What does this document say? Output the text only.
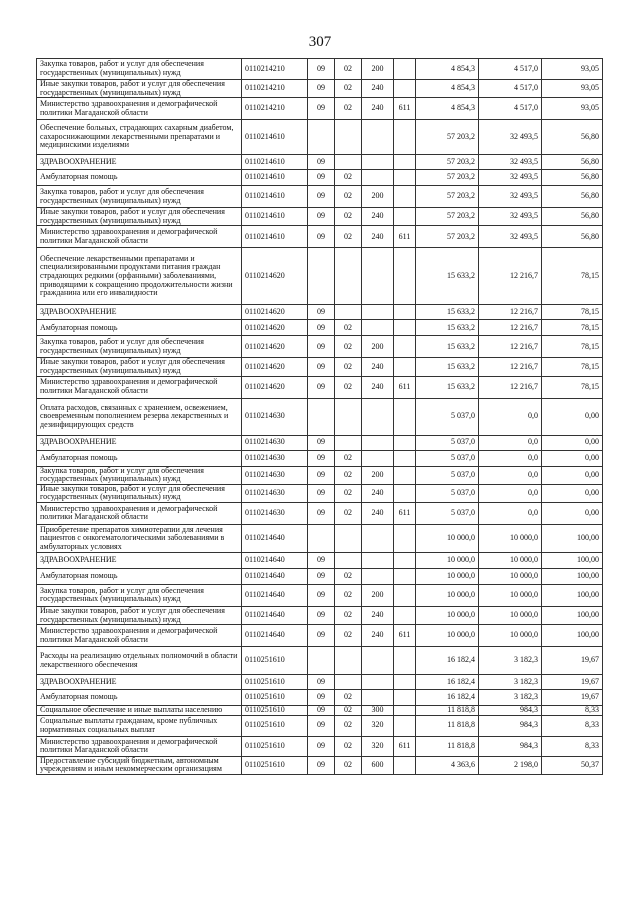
307
Закупка товаров, работ и услуг для обеспечения государственных (муниципальных) нужд	0110214210	09	02	200		4 854,3	4 517,0	93,05
Иные закупки товаров, работ и услуг для обеспечения государственных (муниципальных) нужд	0110214210	09	02	240		4 854,3	4 517,0	93,05
Министерство здравоохранения и демографической политики Магаданской области	0110214210	09	02	240	611	4 854,3	4 517,0	93,05
Обеспечение больных, страдающих сахарным диабетом, сахароснижающими лекарственными препаратами и медицинскими изделиями	0110214610					57 203,2	32 493,5	56,80
ЗДРАВООХРАНЕНИЕ	0110214610	09				57 203,2	32 493,5	56,80
Амбулаторная помощь	0110214610	09	02			57 203,2	32 493,5	56,80
Закупка товаров, работ и услуг для обеспечения государственных (муниципальных) нужд	0110214610	09	02	200		57 203,2	32 493,5	56,80
Иные закупки товаров, работ и услуг для обеспечения государственных (муниципальных) нужд	0110214610	09	02	240		57 203,2	32 493,5	56,80
Министерство здравоохранения и демографической политики Магаданской области	0110214610	09	02	240	611	57 203,2	32 493,5	56,80
Обеспечение лекарственными препаратами и специализированными продуктами питания граждан страдающих редкими (орфанными) заболеваниями, приводящими к сокращению продолжительности жизни гражданина или его инвалидности	0110214620					15 633,2	12 216,7	78,15
ЗДРАВООХРАНЕНИЕ	0110214620	09				15 633,2	12 216,7	78,15
Амбулаторная помощь	0110214620	09	02			15 633,2	12 216,7	78,15
Закупка товаров, работ и услуг для обеспечения государственных (муниципальных) нужд	0110214620	09	02	200		15 633,2	12 216,7	78,15
Иные закупки товаров, работ и услуг для обеспечения государственных (муниципальных) нужд	0110214620	09	02	240		15 633,2	12 216,7	78,15
Министерство здравоохранения и демографической политики Магаданской области	0110214620	09	02	240	611	15 633,2	12 216,7	78,15
Оплата расходов, связанных с хранением, освежением, своевременным пополнением резерва лекарственных и дезинфицирующих средств	0110214630					5 037,0	0,0	0,00
ЗДРАВООХРАНЕНИЕ	0110214630	09				5 037,0	0,0	0,00
Амбулаторная помощь	0110214630	09	02			5 037,0	0,0	0,00
Закупка товаров, работ и услуг для обеспечения государственных (муниципальных) нужд	0110214630	09	02	200		5 037,0	0,0	0,00
Иные закупки товаров, работ и услуг для обеспечения государственных (муниципальных) нужд	0110214630	09	02	240		5 037,0	0,0	0,00
Министерство здравоохранения и демографической политики Магаданской области	0110214630	09	02	240	611	5 037,0	0,0	0,00
Приобретение препаратов химиотерапии для лечения пациентов с онкогематологическими заболеваниями в амбулаторных условиях	0110214640					10 000,0	10 000,0	100,00
ЗДРАВООХРАНЕНИЕ	0110214640	09				10 000,0	10 000,0	100,00
Амбулаторная помощь	0110214640	09	02			10 000,0	10 000,0	100,00
Закупка товаров, работ и услуг для обеспечения государственных (муниципальных) нужд	0110214640	09	02	200		10 000,0	10 000,0	100,00
Иные закупки товаров, работ и услуг для обеспечения государственных (муниципальных) нужд	0110214640	09	02	240		10 000,0	10 000,0	100,00
Министерство здравоохранения и демографической политики Магаданской области	0110214640	09	02	240	611	10 000,0	10 000,0	100,00
Расходы на реализацию отдельных полномочий в области лекарственного обеспечения	0110251610					16 182,4	3 182,3	19,67
ЗДРАВООХРАНЕНИЕ	0110251610	09				16 182,4	3 182,3	19,67
Амбулаторная помощь	0110251610	09	02			16 182,4	3 182,3	19,67
Социальное обеспечение и иные выплаты населению	0110251610	09	02	300		11 818,8	984,3	8,33
Социальные выплаты гражданам, кроме публичных нормативных социальных выплат	0110251610	09	02	320		11 818,8	984,3	8,33
Министерство здравоохранения и демографической политики Магаданской области	0110251610	09	02	320	611	11 818,8	984,3	8,33
Предоставление субсидий бюджетным, автономным учреждениям и иным некоммерческим организациям	0110251610	09	02	600		4 363,6	2 198,0	50,37
